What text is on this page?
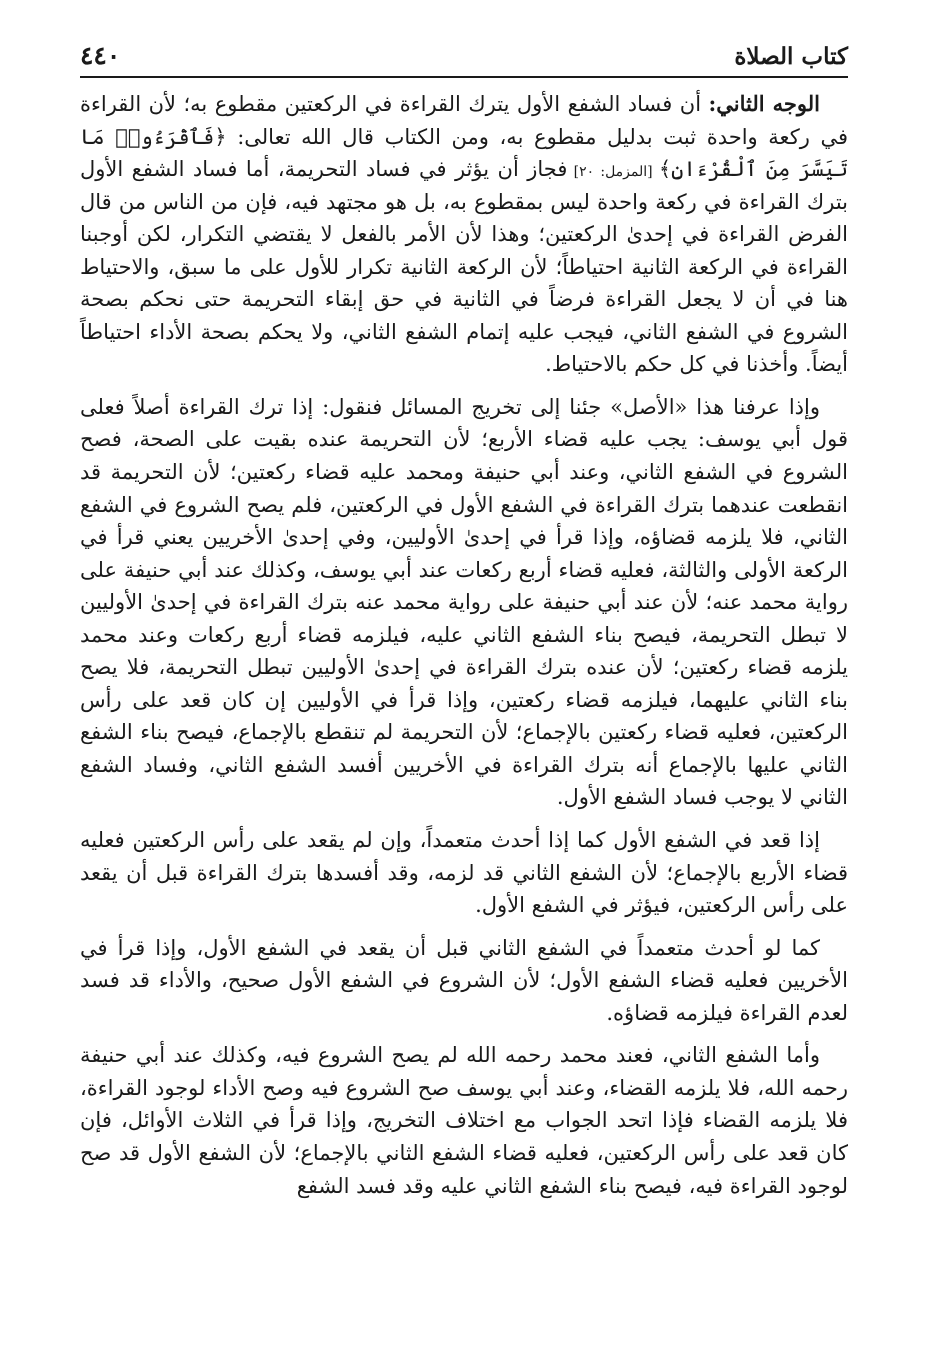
كتاب الصلاة
٤٤٠

الوجه الثاني: أن فساد الشفع الأول يترك القراءة في الركعتين مقطوع به؛ لأن القراءة في ركعة واحدة ثبت بدليل مقطوع به، ومن الكتاب قال الله تعالى: ﴿فَٱقْرَءُوا۟ مَا تَيَسَّرَ مِنَ ٱلْقُرْءَانِ﴾ [المزمل: ٢٠] فجاز أن يؤثر في فساد التحريمة، أما فساد الشفع الأول بترك القراءة في ركعة واحدة ليس بمقطوع به، بل هو مجتهد فيه، فإن من الناس من قال الفرض القراءة في إحدىٰ الركعتين؛ وهذا لأن الأمر بالفعل لا يقتضي التكرار، لكن أوجبنا القراءة في الركعة الثانية احتياطاً؛ لأن الركعة الثانية تكرار للأول على ما سبق، والاحتياط هنا في أن لا يجعل القراءة فرضاً في الثانية في حق إبقاء التحريمة حتى نحكم بصحة الشروع في الشفع الثاني، فيجب عليه إتمام الشفع الثاني، ولا يحكم بصحة الأداء احتياطاً أيضاً. وأخذنا في كل حكم بالاحتياط.

وإذا عرفنا هذا «الأصل» جئنا إلى تخريج المسائل فنقول: إذا ترك القراءة أصلاً فعلى قول أبي يوسف: يجب عليه قضاء الأربع؛ لأن التحريمة عنده بقيت على الصحة، فصح الشروع في الشفع الثاني، وعند أبي حنيفة ومحمد عليه قضاء ركعتين؛ لأن التحريمة قد انقطعت عندهما بترك القراءة في الشفع الأول في الركعتين، فلم يصح الشروع في الشفع الثاني، فلا يلزمه قضاؤه، وإذا قرأ في إحدىٰ الأوليين، وفي إحدىٰ الأخريين يعني قرأ في الركعة الأولى والثالثة، فعليه قضاء أربع ركعات عند أبي يوسف، وكذلك عند أبي حنيفة على رواية محمد عنه؛ لأن عند أبي حنيفة على رواية محمد عنه بترك القراءة في إحدىٰ الأوليين لا تبطل التحريمة، فيصح بناء الشفع الثاني عليه، فيلزمه قضاء أربع ركعات وعند محمد يلزمه قضاء ركعتين؛ لأن عنده بترك القراءة في إحدىٰ الأوليين تبطل التحريمة، فلا يصح بناء الثاني عليهما، فيلزمه قضاء ركعتين، وإذا قرأ في الأوليين إن كان قعد على رأس الركعتين، فعليه قضاء ركعتين بالإجماع؛ لأن التحريمة لم تنقطع بالإجماع، فيصح بناء الشفع الثاني عليها بالإجماع أنه بترك القراءة في الأخريين أفسد الشفع الثاني، وفساد الشفع الثاني لا يوجب فساد الشفع الأول.

إذا قعد في الشفع الأول كما إذا أحدث متعمداً، وإن لم يقعد على رأس الركعتين فعليه قضاء الأربع بالإجماع؛ لأن الشفع الثاني قد لزمه، وقد أفسدها بترك القراءة قبل أن يقعد على رأس الركعتين، فيؤثر في الشفع الأول.

كما لو أحدث متعمداً في الشفع الثاني قبل أن يقعد في الشفع الأول، وإذا قرأ في الأخريين فعليه قضاء الشفع الأول؛ لأن الشروع في الشفع الأول صحيح، والأداء قد فسد لعدم القراءة فيلزمه قضاؤه.

وأما الشفع الثاني، فعند محمد رحمه الله لم يصح الشروع فيه، وكذلك عند أبي حنيفة رحمه الله، فلا يلزمه القضاء، وعند أبي يوسف صح الشروع فيه وصح الأداء لوجود القراءة، فلا يلزمه القضاء فإذا اتحد الجواب مع اختلاف التخريج، وإذا قرأ في الثلاث الأوائل، فإن كان قعد على رأس الركعتين، فعليه قضاء الشفع الثاني بالإجماع؛ لأن الشفع الأول قد صح لوجود القراءة فيه، فيصح بناء الشفع الثاني عليه وقد فسد الشفع
